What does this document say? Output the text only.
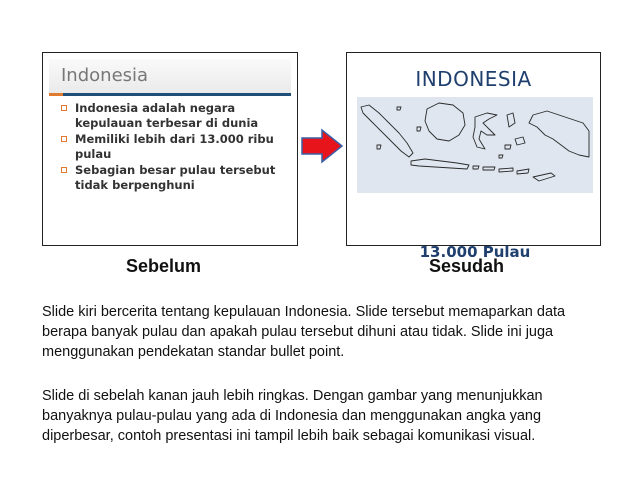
Indonesia
Indonesia adalah negara kepulauan terbesar di dunia
Memiliki lebih dari 13.000 ribu pulau
Sebagian besar pulau tersebut tidak berpenghuni
INDONESIA
13.000 Pulau
Sebelum	Sesudah

Slide kiri bercerita tentang kepulauan Indonesia. Slide tersebut memaparkan data berapa banyak pulau dan apakah pulau tersebut dihuni atau tidak. Slide ini juga menggunakan pendekatan standar bullet point.

Slide di sebelah kanan jauh lebih ringkas. Dengan gambar yang menunjukkan banyaknya pulau-pulau yang ada di Indonesia dan menggunakan angka yang diperbesar, contoh presentasi ini tampil lebih baik sebagai komunikasi visual.
